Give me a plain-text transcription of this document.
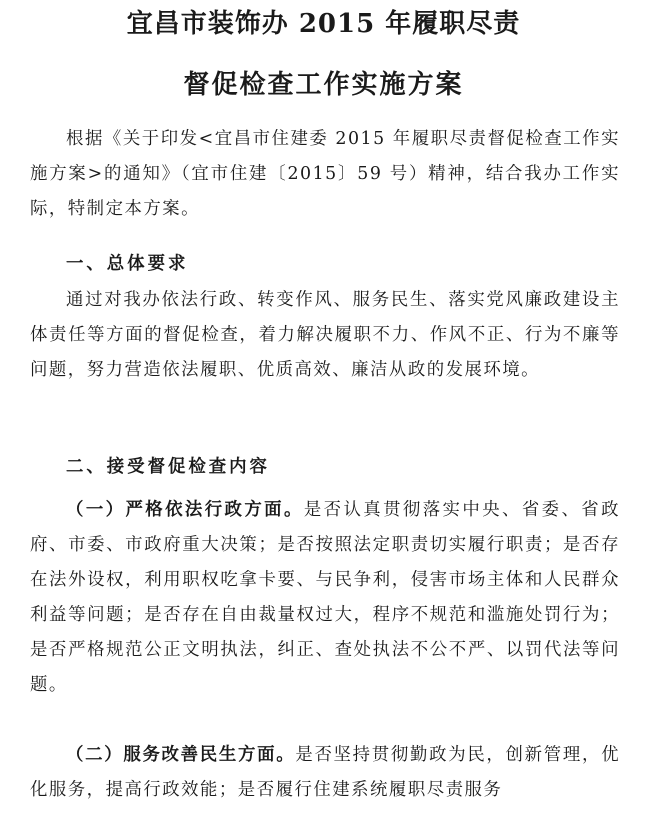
宜昌市装饰办 2015 年履职尽责
督促检查工作实施方案

根据《关于印发<宜昌市住建委 2015 年履职尽责督促检查工作实施方案>的通知》（宜市住建〔2015〕59 号）精神，结合我办工作实际，特制定本方案。

一、总体要求

通过对我办依法行政、转变作风、服务民生、落实党风廉政建设主体责任等方面的督促检查，着力解决履职不力、作风不正、行为不廉等问题，努力营造依法履职、优质高效、廉洁从政的发展环境。

二、接受督促检查内容

（一）严格依法行政方面。是否认真贯彻落实中央、省委、省政府、市委、市政府重大决策；是否按照法定职责切实履行职责；是否存在法外设权，利用职权吃拿卡要、与民争利，侵害市场主体和人民群众利益等问题；是否存在自由裁量权过大，程序不规范和滥施处罚行为；是否严格规范公正文明执法，纠正、查处执法不公不严、以罚代法等问题。

（二）服务改善民生方面。是否坚持贯彻勤政为民，创新管理，优化服务，提高行政效能；是否履行住建系统履职尽责服务
